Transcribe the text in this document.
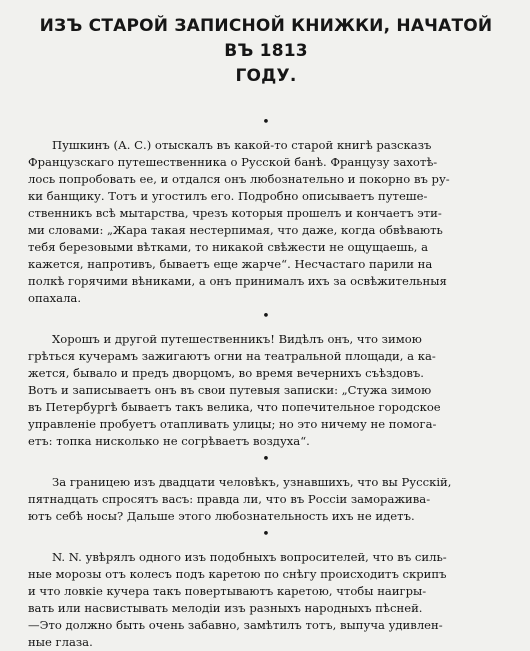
ИЗЪ СТАРОЙ ЗАПИСНОЙ КНИЖКИ, НАЧАТОЙ ВЪ 1813
ГОДУ.
•

Пушкинъ (А. С.) отыскалъ въ какой-то старой книгѣ разсказъ
Французскаго путешественника о Русской банѣ. Французу захотѣ-
лось попробовать ее, и отдался онъ любознательно и покорно въ ру-
ки банщику. Тотъ и угостилъ его. Подробно описываетъ путеше-
ственникъ всѣ мытарства, чрезъ которыя прошелъ и кончаетъ эти-
ми словами: „Жара такая нестерпимая, что даже, когда обвѣвають
тебя березовыми вѣтками, то никакой свѣжести не ощущаешь, а
кажется, напротивъ, бываетъ еще жарче“. Несчастаго парили на
полкѣ горячими вѣниками, а онъ принималъ ихъ за освѣжительныя
опахала.

•

Хорошъ и другой путешественникъ! Видѣлъ онъ, что зимою
грѣться кучерамъ зажигаютъ огни на театральной площади, а ка-
жется, бывало и предъ дворцомъ, во время вечернихъ съѣздовъ.
Вотъ и записываетъ онъ въ свои путевыя записки: „Стужа зимою
въ Петербургѣ бываетъ такъ велика, что попечительное городское
управленіе пробуетъ отапливать улицы; но это ничему не помога-
етъ: топка нисколько не согрѣваетъ воздуха“.

•

За границею изъ двадцати человѣкъ, узнавшихъ, что вы Русскій,
пятнадцать спросятъ васъ: правда ли, что въ Россіи заморажива-
ютъ себѣ носы? Дальше этого любознательность ихъ не идетъ.

•

N. N. увѣрялъ одного изъ подобныхъ вопросителей, что въ силь-
ные морозы отъ колесъ подъ каретою по снѣгу происходитъ скрипъ
и что ловкіе кучера такъ повертываютъ каретою, чтобы наигры-
вать или насвистывать мелодіи изъ разныхъ народныхъ пѣсней.
—Это должно быть очень забавно, замѣтилъ тотъ, выпуча удивлен-
ные глаза.
